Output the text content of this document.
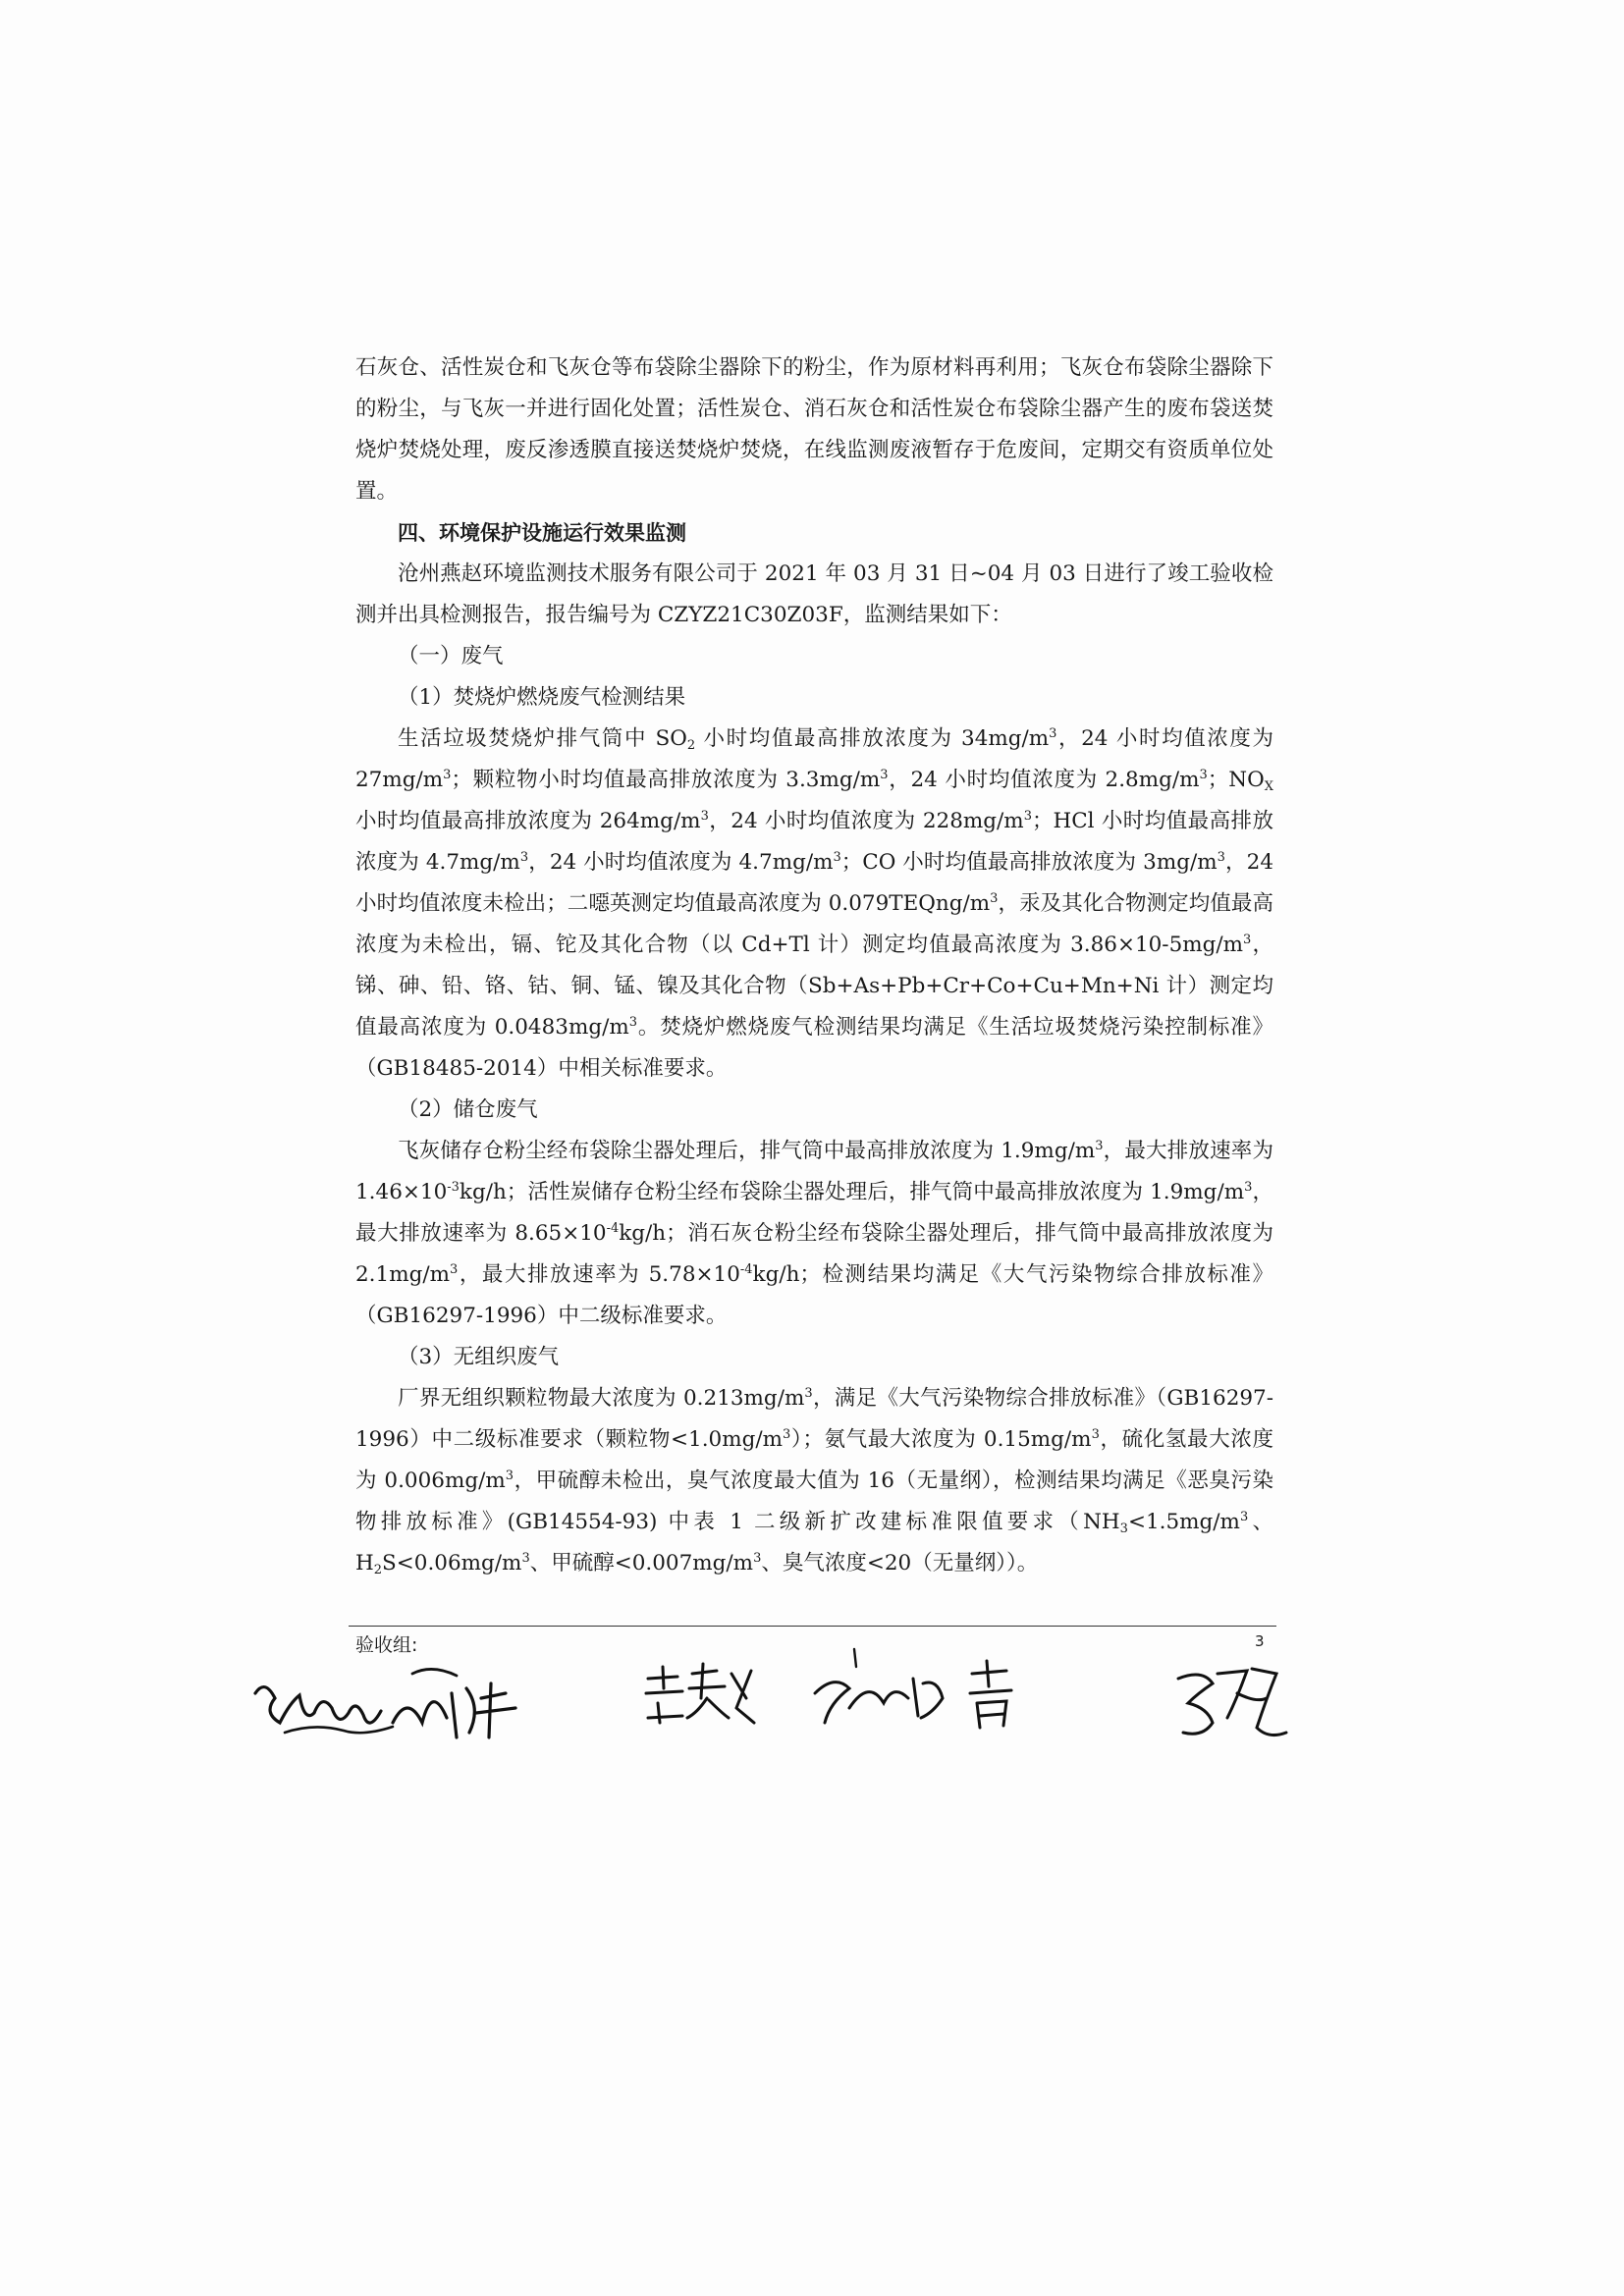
石灰仓、活性炭仓和飞灰仓等布袋除尘器除下的粉尘，作为原材料再利用；飞灰仓布袋除尘器除下的粉尘，与飞灰一并进行固化处置；活性炭仓、消石灰仓和活性炭仓布袋除尘器产生的废布袋送焚烧炉焚烧处理，废反渗透膜直接送焚烧炉焚烧，在线监测废液暂存于危废间，定期交有资质单位处置。

四、环境保护设施运行效果监测

沧州燕赵环境监测技术服务有限公司于 2021 年 03 月 31 日~04 月 03 日进行了竣工验收检测并出具检测报告，报告编号为 CZYZ21C30Z03F，监测结果如下：

（一）废气

（1）焚烧炉燃烧废气检测结果

生活垃圾焚烧炉排气筒中 $SO_2$ 小时均值最高排放浓度为 $34mg/m^3$，24 小时均值浓度为 $27mg/m^3$；颗粒物小时均值最高排放浓度为 $3.3mg/m^3$，24 小时均值浓度为 $2.8mg/m^3$；$NO_X$ 小时均值最高排放浓度为 $264mg/m^3$，24 小时均值浓度为 $228mg/m^3$；HCl 小时均值最高排放浓度为 $4.7mg/m^3$，24 小时均值浓度为 $4.7mg/m^3$；CO 小时均值最高排放浓度为 $3mg/m^3$，24 小时均值浓度未检出；二噁英测定均值最高浓度为 $0.079TEQng/m^3$，汞及其化合物测定均值最高浓度为未检出，镉、铊及其化合物（以 Cd+Tl 计）测定均值最高浓度为 $3.86\times 10-5mg/m^3$，锑、砷、铅、铬、钴、铜、锰、镍及其化合物（Sb+As+Pb+Cr+Co+Cu+Mn+Ni 计）测定均值最高浓度为 $0.0483mg/m^3$。焚烧炉燃烧废气检测结果均满足《生活垃圾焚烧污染控制标准》（GB18485-2014）中相关标准要求。

（2）储仓废气

飞灰储存仓粉尘经布袋除尘器处理后，排气筒中最高排放浓度为 $1.9mg/m^3$，最大排放速率为 $1.46\times 10^{-3}kg/h$；活性炭储存仓粉尘经布袋除尘器处理后，排气筒中最高排放浓度为 $1.9mg/m^3$，最大排放速率为 $8.65\times 10^{-4}kg/h$；消石灰仓粉尘经布袋除尘器处理后，排气筒中最高排放浓度为 $2.1mg/m^3$，最大排放速率为 $5.78\times 10^{-4}kg/h$；检测结果均满足《大气污染物综合排放标准》（GB16297-1996）中二级标准要求。

（3）无组织废气

厂界无组织颗粒物最大浓度为 $0.213mg/m^3$，满足《大气污染物综合排放标准》（GB16297-1996）中二级标准要求（颗粒物$<1.0mg/m^3$）；氨气最大浓度为 $0.15mg/m^3$，硫化氢最大浓度为 $0.006mg/m^3$，甲硫醇未检出，臭气浓度最大值为 16（无量纲），检测结果均满足《恶臭污染物排放标准》(GB14554-93) 中表 1 二级新扩改建标准限值要求（$NH_3<1.5mg/m^3$、$H_2S<0.06mg/m^3$、甲硫醇$<0.007mg/m^3$、臭气浓度<20（无量纲））。

验收组:	3
